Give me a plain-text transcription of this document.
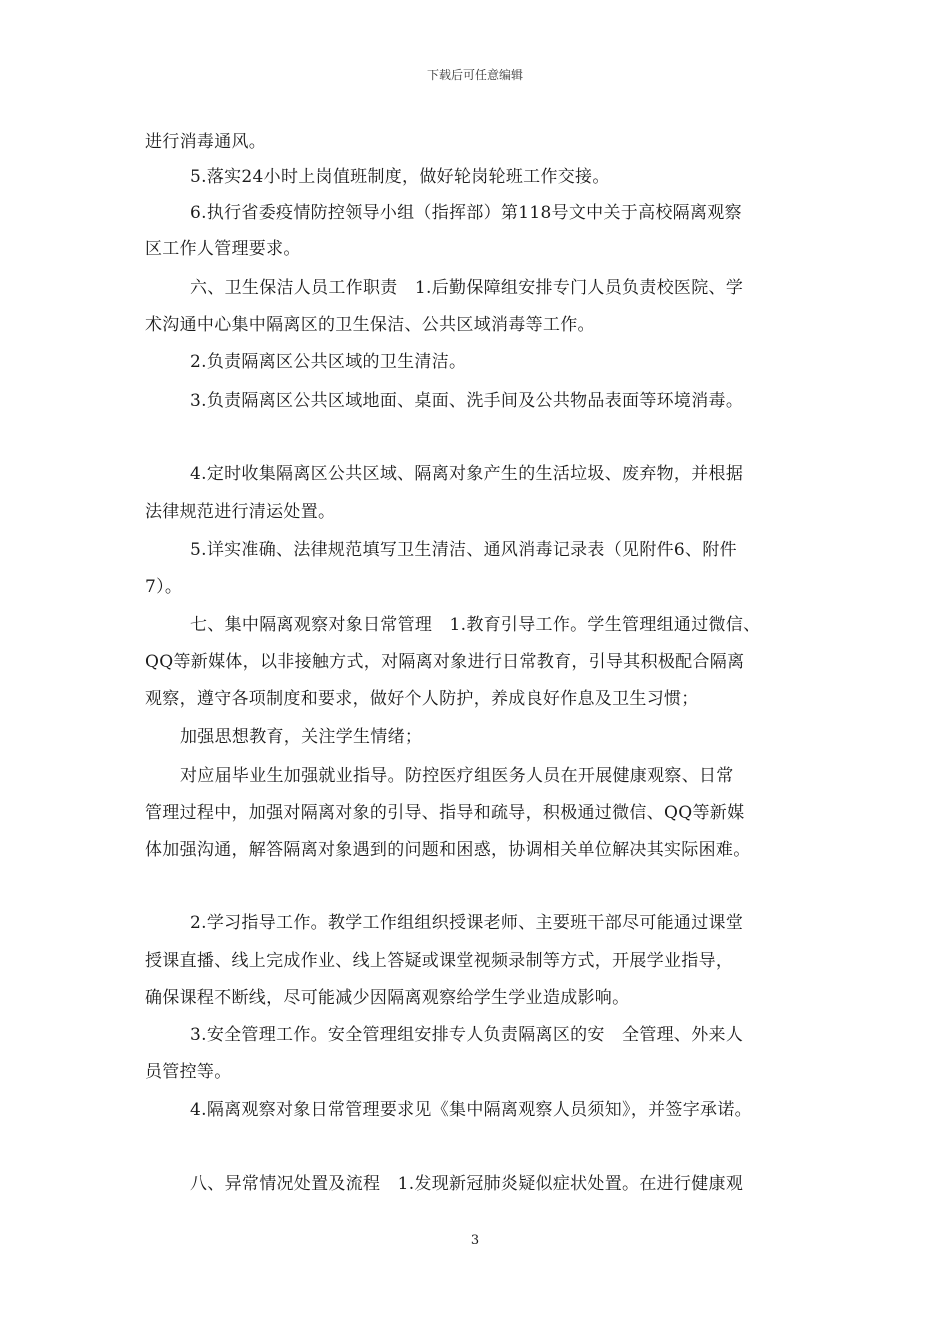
下载后可任意编辑
进行消毒通风。
5.落实24小时上岗值班制度，做好轮岗轮班工作交接。
6.执行省委疫情防控领导小组（指挥部）第118号文中关于高校隔离观察
区工作人管理要求。
六、卫生保洁人员工作职责　1.后勤保障组安排专门人员负责校医院、学
术沟通中心集中隔离区的卫生保洁、公共区域消毒等工作。
2.负责隔离区公共区域的卫生清洁。
3.负责隔离区公共区域地面、桌面、洗手间及公共物品表面等环境消毒。
4.定时收集隔离区公共区域、隔离对象产生的生活垃圾、废弃物，并根据
法律规范进行清运处置。
5.详实准确、法律规范填写卫生清洁、通风消毒记录表（见附件6、附件
7）。
七、集中隔离观察对象日常管理　1.教育引导工作。学生管理组通过微信、
QQ等新媒体，以非接触方式，对隔离对象进行日常教育，引导其积极配合隔离
观察，遵守各项制度和要求，做好个人防护，养成良好作息及卫生习惯；
加强思想教育，关注学生情绪；
对应届毕业生加强就业指导。防控医疗组医务人员在开展健康观察、日常
管理过程中，加强对隔离对象的引导、指导和疏导，积极通过微信、QQ等新媒
体加强沟通，解答隔离对象遇到的问题和困惑，协调相关单位解决其实际困难。
2.学习指导工作。教学工作组组织授课老师、主要班干部尽可能通过课堂
授课直播、线上完成作业、线上答疑或课堂视频录制等方式，开展学业指导，
确保课程不断线，尽可能减少因隔离观察给学生学业造成影响。
3.安全管理工作。安全管理组安排专人负责隔离区的安　全管理、外来人
员管控等。
4.隔离观察对象日常管理要求见《集中隔离观察人员须知》，并签字承诺。
八、异常情况处置及流程　1.发现新冠肺炎疑似症状处置。在进行健康观
3
